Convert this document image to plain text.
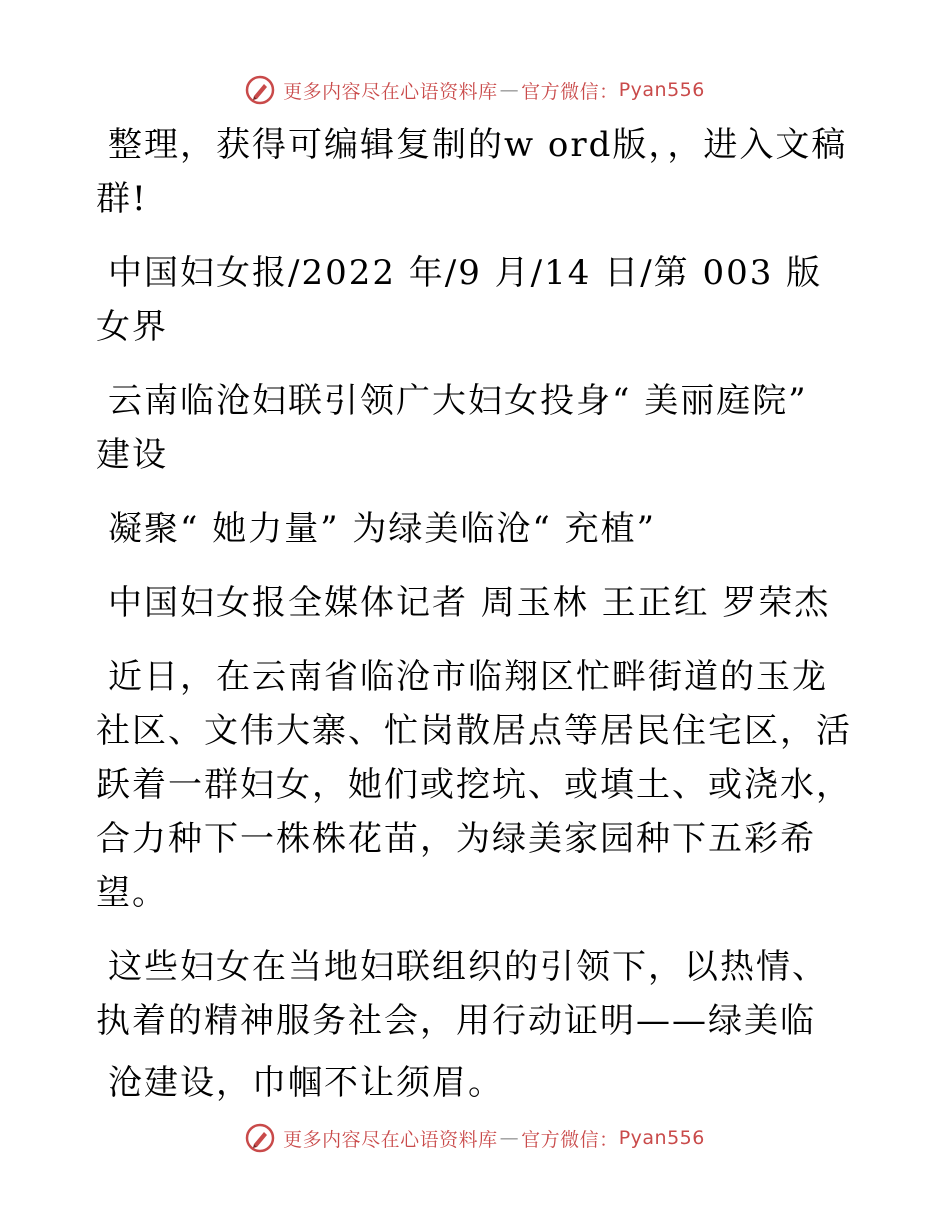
更多内容尽在心语资料库 — 官方微信： Pyan556

整理，获得可编辑复制的w ord版，，进入文稿群!

中国妇女报/2022 年/9 月/14 日/第 003 版女界

云南临沧妇联引领广大妇女投身“ 美丽庭院” 建设

凝聚“ 她力量” 为绿美临沧“ 充植”

中国妇女报全媒体记者 周玉林 王正红 罗荣杰

近日，在云南省临沧市临翔区忙畔街道的玉龙社区、文伟大寨、忙岗散居点等居民住宅区，活跃着一群妇女，她们或挖坑、或填土、或浇水，合力种下一株株花苗，为绿美家园种下五彩希望。

这些妇女在当地妇联组织的引领下，以热情、执着的精神服务社会，用行动证明——绿美临

沧建设，巾帼不让须眉。

更多内容尽在心语资料库 — 官方微信： Pyan556
